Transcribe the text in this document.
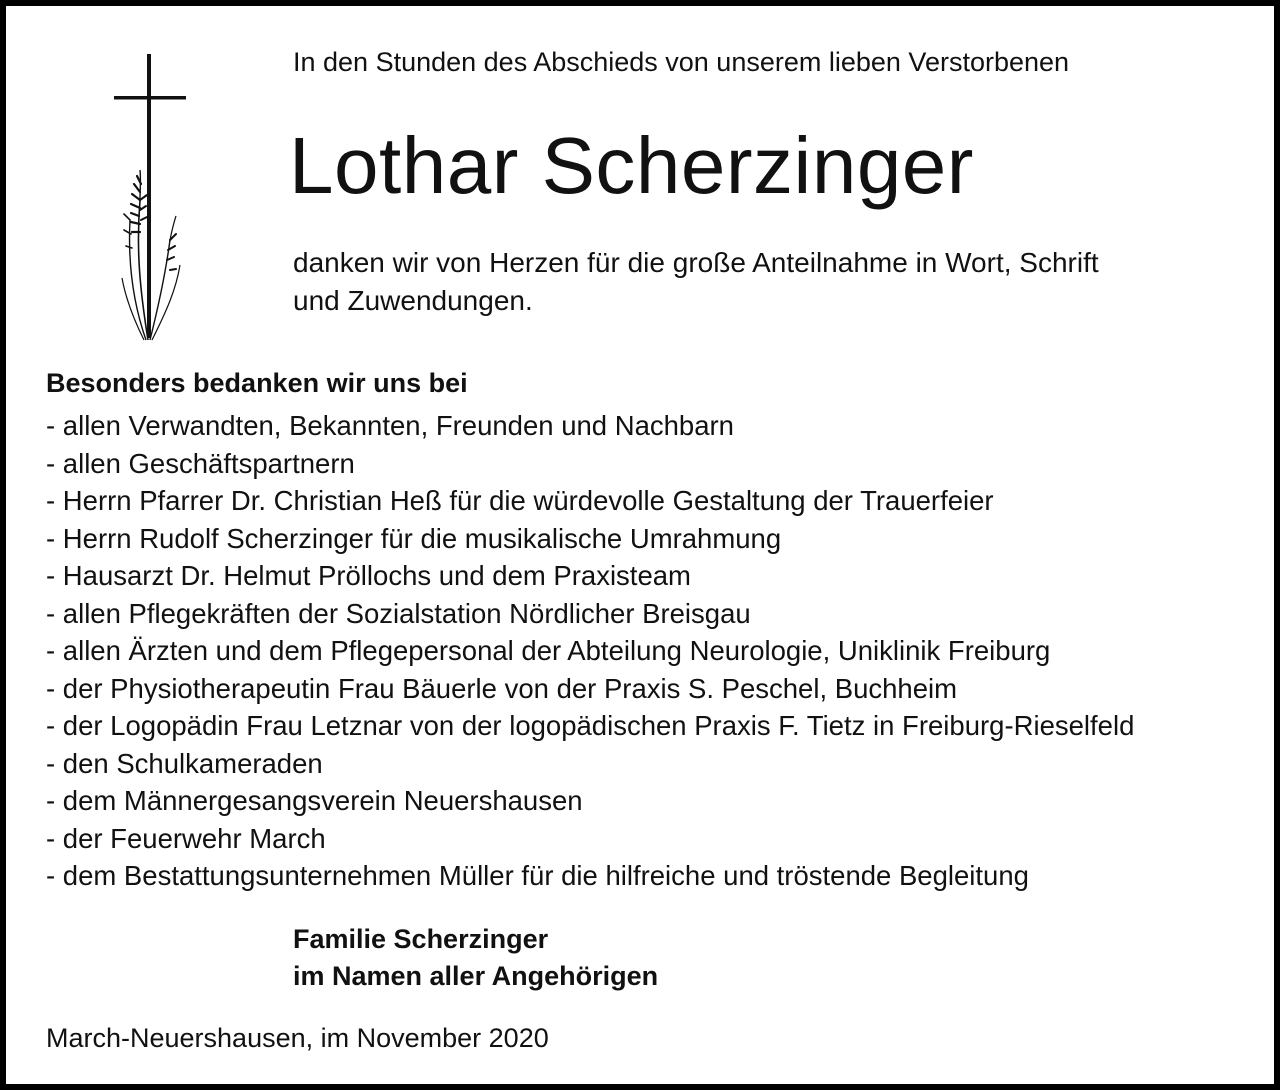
In den Stunden des Abschieds von unserem lieben Verstorbenen
Lothar Scherzinger
danken wir von Herzen für die große Anteilnahme in Wort, Schrift
und Zuwendungen.
Besonders bedanken wir uns bei
- allen Verwandten, Bekannten, Freunden und Nachbarn
- allen Geschäftspartnern
- Herrn Pfarrer Dr. Christian Heß für die würdevolle Gestaltung der Trauerfeier
- Herrn Rudolf Scherzinger für die musikalische Umrahmung
- Hausarzt Dr. Helmut Pröllochs und dem Praxisteam
- allen Pflegekräften der Sozialstation Nördlicher Breisgau
- allen Ärzten und dem Pflegepersonal der Abteilung Neurologie, Uniklinik Freiburg
- der Physiotherapeutin Frau Bäuerle von der Praxis S. Peschel, Buchheim
- der Logopädin Frau Letznar von der logopädischen Praxis F. Tietz in Freiburg-Rieselfeld
- den Schulkameraden
- dem Männergesangsverein Neuershausen
- der Feuerwehr March
- dem Bestattungsunternehmen Müller für die hilfreiche und tröstende Begleitung
Familie Scherzinger
im Namen aller Angehörigen
March-Neuershausen, im November 2020
